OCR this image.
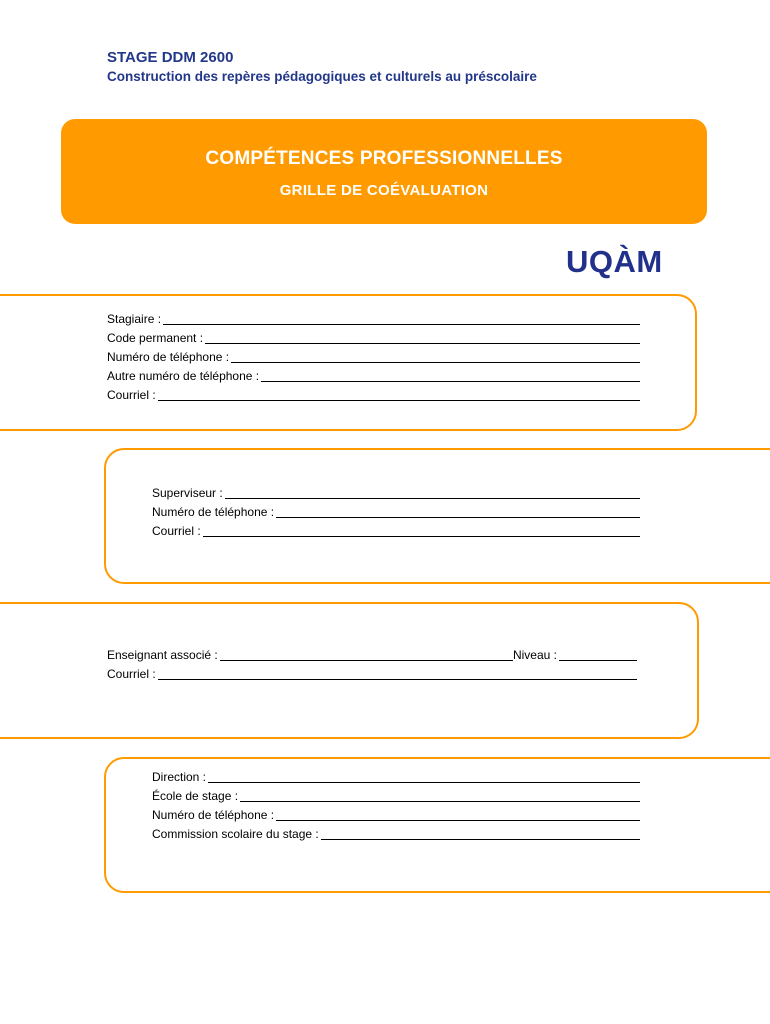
STAGE DDM 2600

Construction des repères pédagogiques et culturels au préscolaire

COMPÉTENCES PROFESSIONNELLES
GRILLE DE COÉVALUATION
UQÀM
Stagiaire :
Code permanent :
Numéro de téléphone :
Autre numéro de téléphone :
Courriel :
Superviseur :
Numéro de téléphone :
Courriel :
Enseignant associé :	Niveau :
Courriel :
Direction :
École de stage :
Numéro de téléphone :
Commission scolaire du stage :
